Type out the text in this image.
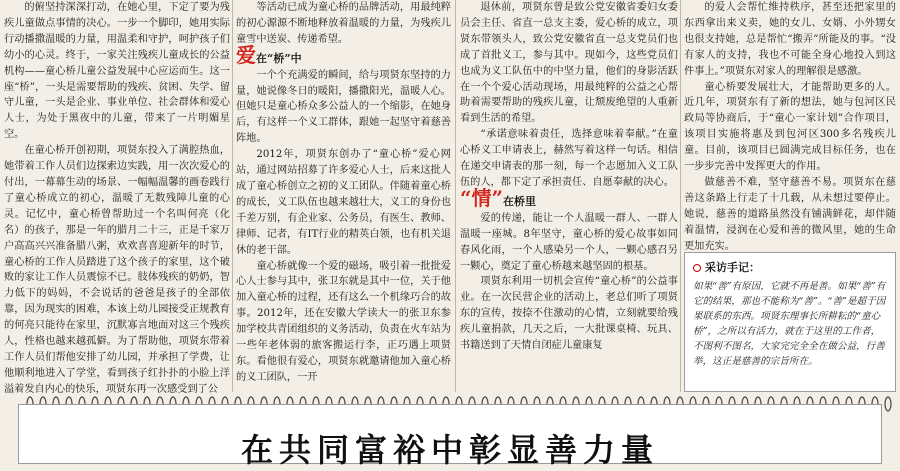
的俯坚持深深打动，在她心里，下定了要为残疾儿童做点事情的决心。一步一个脚印，她用实际行动播撒温暖的力量，用温柔和守护，呵护孩子们幼小的心灵。终于，一家关注残疾儿童成长的公益机构——童心桥儿童公益发展中心应运而生。这一座“桥”，一头是需要帮助的残疾、贫困、失学、留守儿童，一头是企业、事业单位、社会群体和爱心人士，为处于黑夜中的儿童，带来了一片明媚星空。

在童心桥开创初期，项贤东投入了满腔热血，她带着工作人员们边探索边实践，用一次次爱心的付出，一幕幕生动的场景、一幅幅温馨的画卷践行了童心桥成立的初心，温暖了无数残障儿童的心灵。记忆中，童心桥曾帮助过一个名叫何亮（化名）的孩子，那是一年的腊月二十三，正是千家万户高高兴兴准备腊八粥，欢欢喜喜迎新年的时节，童心桥的工作人员踏进了这个孩子的家里，这个破败的家让工作人员震惊不已。肢体残疾的奶奶，智力低下的妈妈，不会说话的爸爸是孩子的全部依靠，因为现实的困难，本该上幼儿园接受正规教育的何亮只能待在家里，沉默寡言地面对这三个残疾人，性格也越来越孤僻。为了帮助他，项贤东带着工作人员们帮他安排了幼儿园，并承担了学费，让他顺利地进入了学堂，看到孩子红扑扑的小脸上洋溢着发自内心的快乐，项贤东再一次感受到了公

等活动已成为童心桥的品牌活动，用最纯粹的初心源源不断地释放着温暖的力量，为残疾儿童雪中送炭、传递希望。

爱在“桥”中

一个个充满爱的瞬间，给与项贤东坚持的力量，她说像冬日的暖阳，播撒阳光，温暖人心。但她只是童心桥众多公益人的一个缩影，在她身后，有这样一个义工群体，跟她一起坚守着慈善阵地。

2012年，项贤东创办了“童心桥”爱心网站，通过网站招募了许多爱心人士，后来这批人成了童心桥创立之初的义工团队。伴随着童心桥的成长，义工队伍也越来越壮大，义工的身份也千差万别，有企业家、公务员，有医生、教师、律师、记者，有IT行业的精英白领，也有机关退休的老干部。

童心桥就像一个爱的磁场，吸引着一批批爱心人士参与其中，张卫东就是其中一位，关于他加入童心桥的过程，还有这么一个机缘巧合的故事。2012年，还在安徽大学读大一的张卫东参加学校共青团组织的义务活动，负责在火车站为一些年老体弱的旅客搬运行李，正巧遇上项贤东。看他很有爱心，项贤东就邀请他加入童心桥的义工团队，一开

退休前，项贤东曾是致公党安徽省委妇女委员会主任、省直一总支主委，爱心桥的成立，项贤东带领头人，致公党安徽省直一总支党员们也成了首批义工，参与其中。现如今，这些党员们也成为义工队伍中的中坚力量，他们的身影活跃在一个个爱心活动现场，用最纯粹的公益之心帮助着需要帮助的残疾儿童，让颓废绝望的人重新看到生活的希望。

“承诺意味着责任，选择意味着奉献。”在童心桥义工申请表上，赫然写着这样一句话。相信在递交申请表的那一刻，每一个志愿加入义工队伍的人，都下定了承担责任、自愿奉献的决心。

“情”在桥里

爱的传递，能让一个人温暖一群人、一群人温暖一座城。8年坚守，童心桥的爱心故事如同春风化雨，一个人感染另一个人，一颗心感召另一颗心，奠定了童心桥越来越坚固的根基。

项贤东利用一切机会宣传“童心桥”的公益事业。在一次民营企业的活动上，老总们听了项贤东的宣传，按捺不住激动的心情，立刻就要给残疾儿童捐款，几天之后，一大批课桌椅、玩具、书籍送到了天情自闭症儿童康复

的爱人会帮忙维持秩序，甚至还把家里的东西拿出来义卖，她的女儿、女婿、小外甥女也很支持她，总是帮忙“搬弄”所能及的事。“没有家人的支持，我也不可能全身心地投入到这件事上。”项贤东对家人的理解很是感激。

童心桥要发展壮大，才能帮助更多的人。近几年，项贤东有了新的想法，她与包河区民政局等协商后，于“童心一家计划”合作项目，该项目实施将惠及到包河区300多名残疾儿童。目前，该项目已圆满完成目标任务，也在一步步完善中发挥更大的作用。

做慈善不难，坚守慈善不易。项贤东在慈善这条路上行走了十几载，从未想过要停止。她说，慈善的道路虽然没有铺满鲜花，却伴随着温情，浸润在心爱和善的微风里，她的生命更加充实。

采访手记：
如果“善”有原因，它就不再是善。如果“善”有它的结果，那也不能称为“善”。“善”是超于因果联系的东西。项贤东理事长所耕耘的“童心桥”，之所以有活力，就在于这里的工作者，不图利不图名，大家完完全全在做公益，行善举，这正是慈善的宗旨所在。
在共同富裕中彰显善力量
